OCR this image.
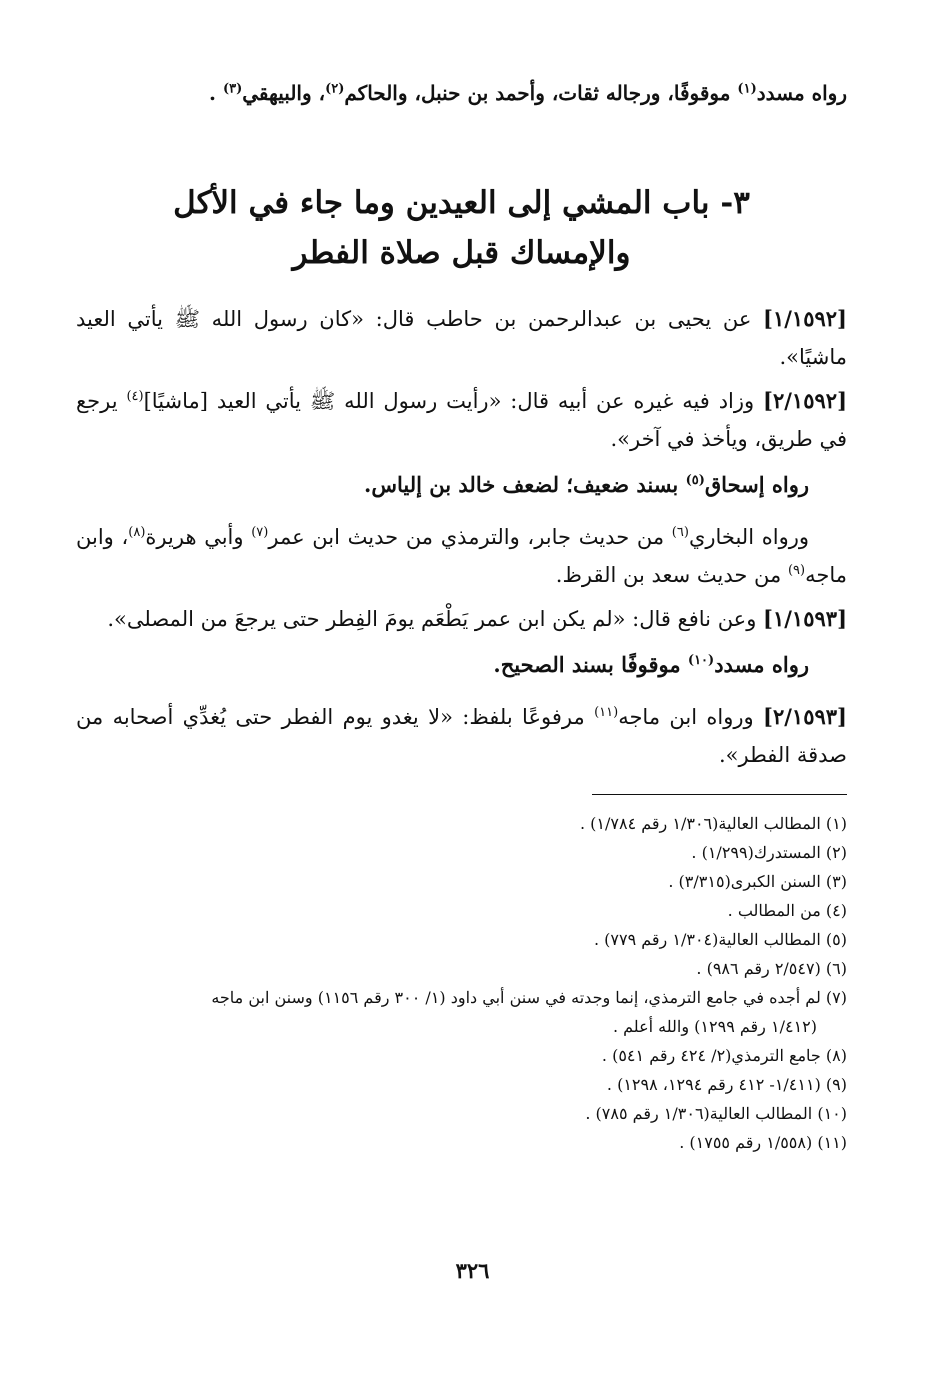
رواه مسدد$^{(١)}$ موقوفًا، ورجاله ثقات، وأحمد بن حنبل، والحاكم$^{(٢)}$، والبيهقي$^{(٣)}$ .

٣- باب المشي إلى العيدين وما جاء في الأكل
والإمساك قبل صلاة الفطر

[١/١٥٩٢] عن يحيى بن عبدالرحمن بن حاطب قال: «كان رسول الله ﷺ يأتي العيد ماشيًا».

[٢/١٥٩٢] وزاد فيه غيره عن أبيه قال: «رأيت رسول الله ﷺ يأتي العيد [ماشيًا]$^{(٤)}$ يرجع في طريق، ويأخذ في آخر».

رواه إسحاق$^{(٥)}$ بسند ضعيف؛ لضعف خالد بن إلياس.

ورواه البخاري$^{(٦)}$ من حديث جابر، والترمذي من حديث ابن عمر$^{(٧)}$ وأبي هريرة$^{(٨)}$، وابن ماجه$^{(٩)}$ من حديث سعد بن القرظ.

[١/١٥٩٣] وعن نافع قال: «لم يكن ابن عمر يَطْعَم يومَ الفِطر حتى يرجعَ من المصلى».

رواه مسدد$^{(١٠)}$ موقوفًا بسند الصحيح.

[٢/١٥٩٣] ورواه ابن ماجه$^{(١١)}$ مرفوعًا بلفظ: «لا يغدو يوم الفطر حتى يُغدِّي أصحابه من صدقة الفطر».

(١) المطالب العالية(١/٣٠٦ رقم ١/٧٨٤) .

(٢) المستدرك(١/٢٩٩) .

(٣) السنن الكبرى(٣/٣١٥) .

(٤) من المطالب .

(٥) المطالب العالية(١/٣٠٤ رقم ٧٧٩) .

(٦) (٢/٥٤٧ رقم ٩٨٦) .

(٧) لم أجده في جامع الترمذي، إنما وجدته في سنن أبي داود (١/ ٣٠٠ رقم ١١٥٦) وسنن ابن ماجه
(١/٤١٢ رقم ١٢٩٩) والله أعلم .

(٨) جامع الترمذي(٢/ ٤٢٤ رقم ٥٤١) .

(٩) (١/٤١١- ٤١٢ رقم ١٢٩٤، ١٢٩٨) .

(١٠) المطالب العالية(١/٣٠٦ رقم ٧٨٥) .

(١١) (١/٥٥٨ رقم ١٧٥٥) .

٣٢٦
